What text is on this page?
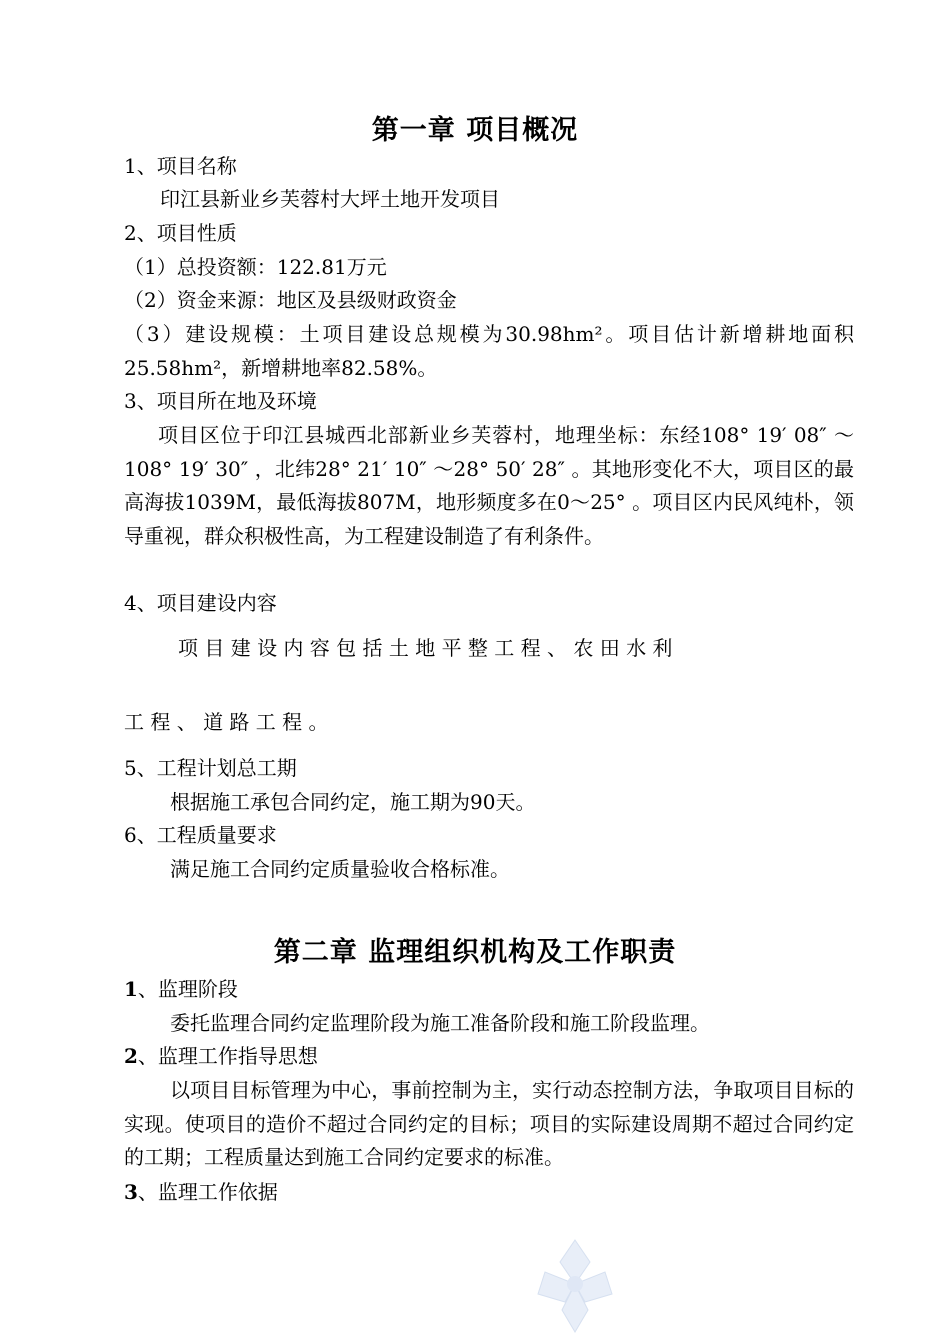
第一章 项目概况
1、项目名称
印江县新业乡芙蓉村大坪土地开发项目
2、项目性质
（1）总投资额：122.81万元
（2）资金来源：地区及县级财政资金
（3）建设规模：土项目建设总规模为30.98hm²。项目估计新增耕地面积25.58hm²，新增耕地率82.58%。
3、项目所在地及环境
项目区位于印江县城西北部新业乡芙蓉村，地理坐标：东经108° 19′ 08″ ～108° 19′ 30″ ，北纬28° 21′ 10″ ～28° 50′ 28″ 。其地形变化不大，项目区的最高海拔1039M，最低海拔807M，地形频度多在0～25° 。项目区内民风纯朴，领导重视，群众积极性高，为工程建设制造了有利条件。
4、项目建设内容
项 目 建 设 内 容 包 括 土 地 平 整 工 程 、 农 田 水 利
工 程 、 道 路 工 程 。
5、工程计划总工期
根据施工承包合同约定，施工期为90天。
6、工程质量要求
满足施工合同约定质量验收合格标准。
第二章 监理组织机构及工作职责
1、监理阶段
委托监理合同约定监理阶段为施工准备阶段和施工阶段监理。
2、监理工作指导思想
以项目目标管理为中心，事前控制为主，实行动态控制方法，争取项目目标的实现。使项目的造价不超过合同约定的目标；项目的实际建设周期不超过合同约定的工期；工程质量达到施工合同约定要求的标准。
3、监理工作依据
